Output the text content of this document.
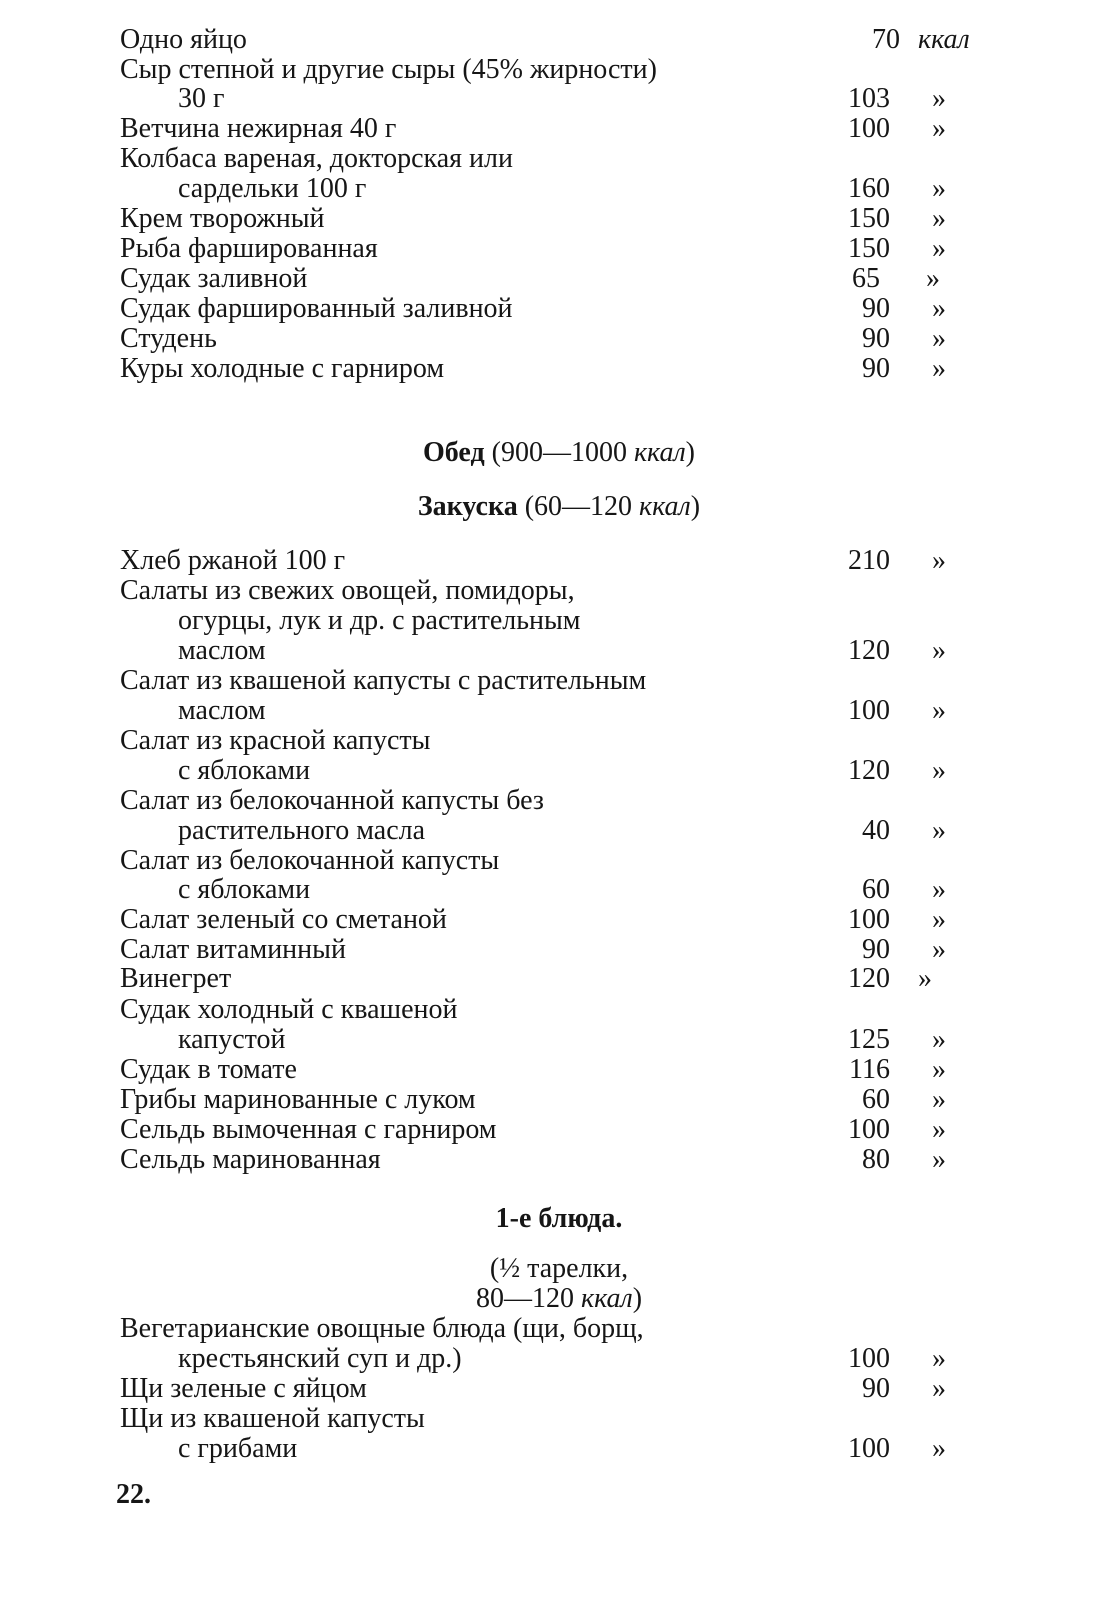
Одно яйцо	70 ккал
Сыр степной и другие сыры (45% жирности)
30 г	103 »
Ветчина нежирная 40 г	100 »
Колбаса вареная, докторская или
сардельки 100 г	160 »
Крем творожный	150 »
Рыба фаршированная	150 »
Судак заливной	65 »
Судак фаршированный заливной	90 »
Студень	90 »
Куры холодные с гарниром	90 »
Обед (900—1000 ккал)
Закуска (60—120 ккал)
Хлеб ржаной 100 г	210 »
Салаты из свежих овощей, помидоры,
огурцы, лук и др. с растительным
маслом	120 »
Салат из квашеной капусты с растительным
маслом	100 »
Салат из красной капусты
с яблоками	120 »
Салат из белокочанной капусты без
растительного масла	40 »
Салат из белокочанной капусты
с яблоками	60 »
Салат зеленый со сметаной	100 »
Салат витаминный	90 »
Винегрет	120 »
Судак холодный с квашеной
капустой	125 »
Судак в томате	116 »
Грибы маринованные с луком	60 »
Сельдь вымоченная с гарниром	100 »
Сельдь маринованная	80 »
1-е блюда.
(½ тарелки,
80—120 ккал)
Вегетарианские овощные блюда (щи, борщ,
крестьянский суп и др.)	100 »
Щи зеленые с яйцом	90 »
Щи из квашеной капусты
с грибами	100 »
22.
